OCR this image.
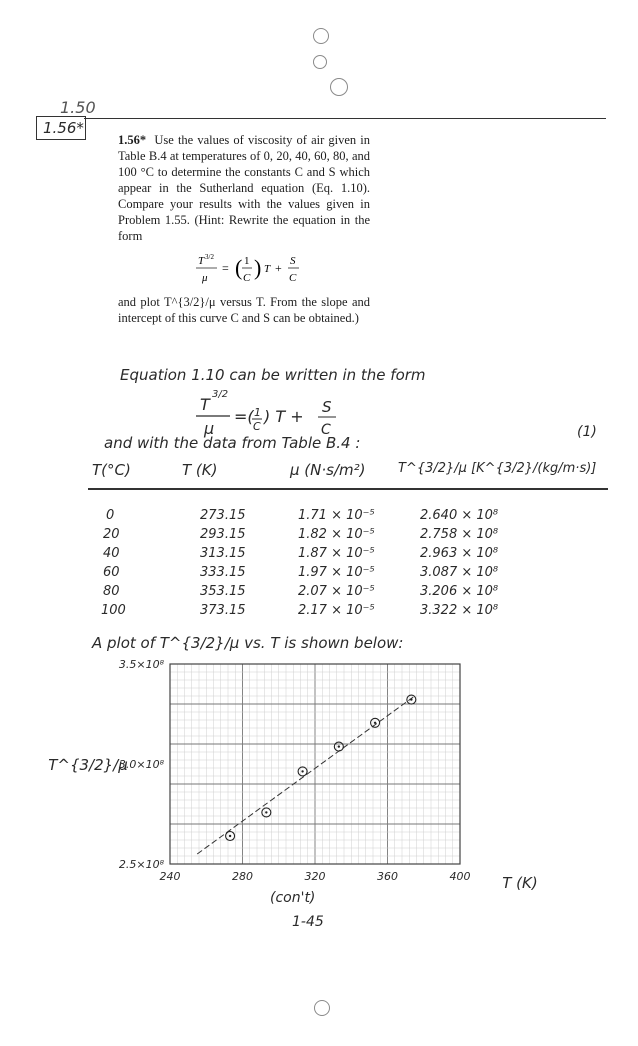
1.50
1.56*

1.56* Use the values of viscosity of air given in Table B.4 at temperatures of 0, 20, 40, 60, 80, and 100 °C to determine the constants C and S which appear in the Sutherland equation (Eq. 1.10). Compare your results with the values given in Problem 1.55. (Hint: Rewrite the equation in the form

T 3/2
μ
= ( 1
C ) T + S
C

and plot T^{3/2}/μ versus T. From the slope and intercept of this curve C and S can be obtained.)

Equation 1.10 can be written in the form
T
3/2
μ
=( 1
C
) T + S
C	(1)
and with the data from Table B.4 :
T(°C)	T (K)	μ (N·s/m²)	T^{3/2}/μ [K^{3/2}/(kg/m·s)]
0	273.15	1.71 × 10⁻⁵	2.640 × 10⁸
20	293.15	1.82 × 10⁻⁵	2.758 × 10⁸
40	313.15	1.87 × 10⁻⁵	2.963 × 10⁸
60	333.15	1.97 × 10⁻⁵	3.087 × 10⁸
80	353.15	2.07 × 10⁻⁵	3.206 × 10⁸
100	373.15	2.17 × 10⁻⁵	3.322 × 10⁸
A plot of T^{3/2}/μ vs. T is shown below:
240	280	320	360	400
2.5×10⁸
3.0×10⁸
3.5×10⁸
T^{3/2}/μ
T (K)
(con't)
1-45
